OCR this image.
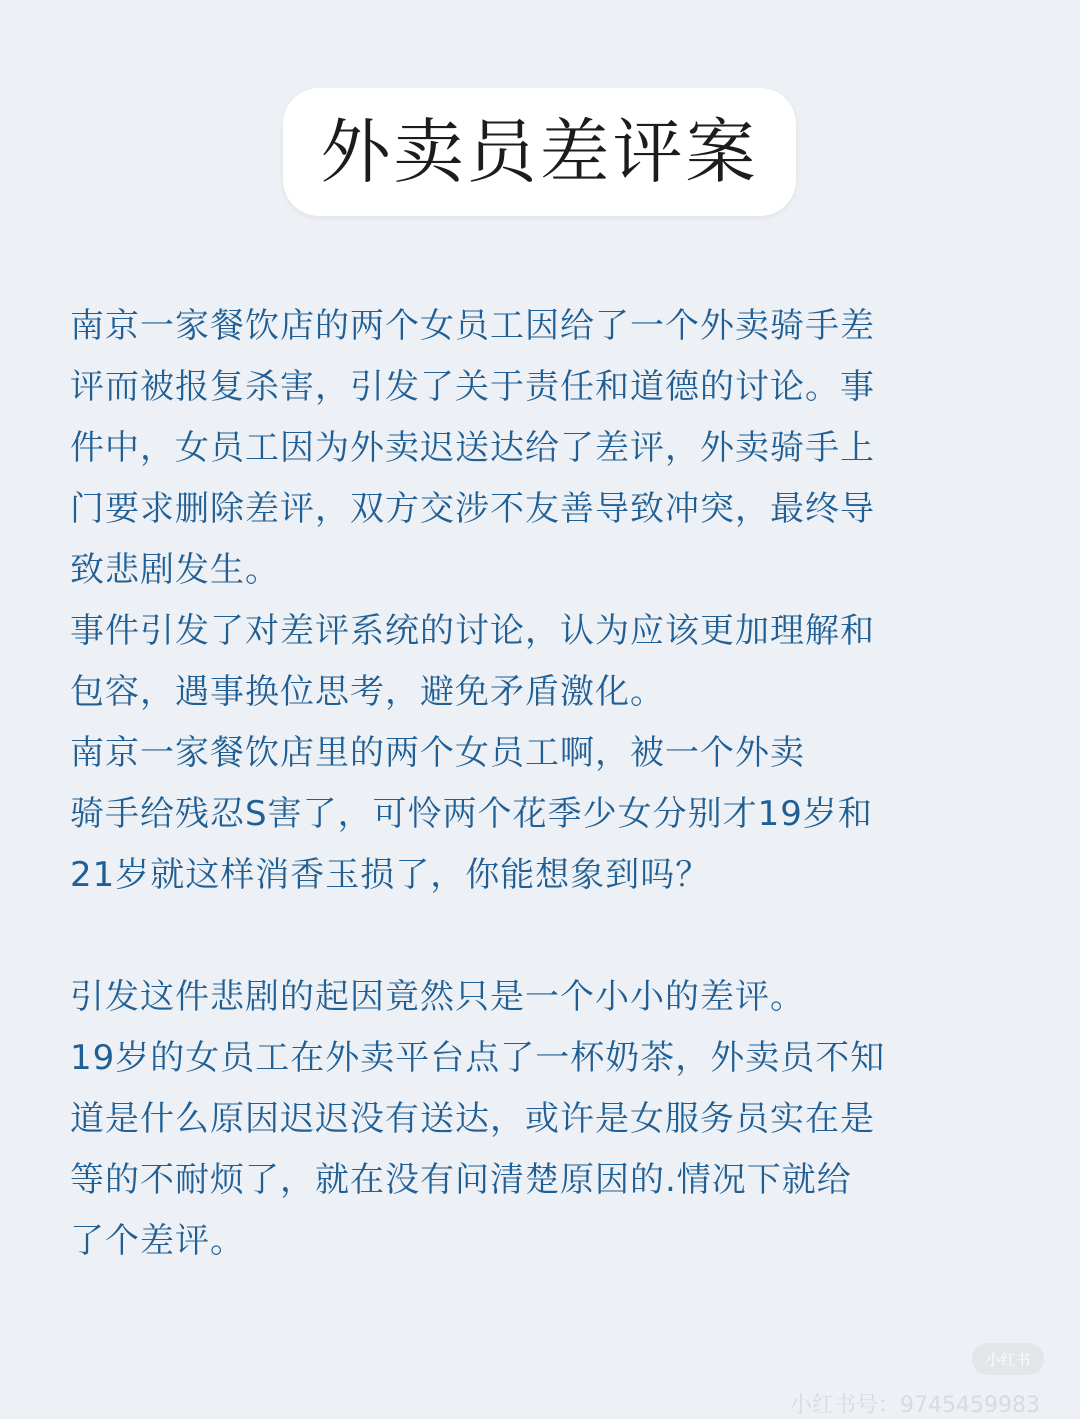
外卖员差评案

南京一家餐饮店的两个女员工因给了一个外卖骑手差
评而被报复杀害，引发了关于责任和道德的讨论。事
件中，女员工因为外卖迟送达给了差评，外卖骑手上
门要求删除差评，双方交涉不友善导致冲突，最终导
致悲剧发生。

事件引发了对差评系统的讨论，认为应该更加理解和
包容，遇事换位思考，避免矛盾激化。

南京一家餐饮店里的两个女员工啊，被一个外卖
骑手给残忍S害了，可怜两个花季少女分别才19岁和
21岁就这样消香玉损了，你能想象到吗？

引发这件悲剧的起因竟然只是一个小小的差评。

19岁的女员工在外卖平台点了一杯奶茶，外卖员不知
道是什么原因迟迟没有送达，或许是女服务员实在是
等的不耐烦了，就在没有问清楚原因的.情况下就给
了个差评。

小红书
小红书号：9745459983
